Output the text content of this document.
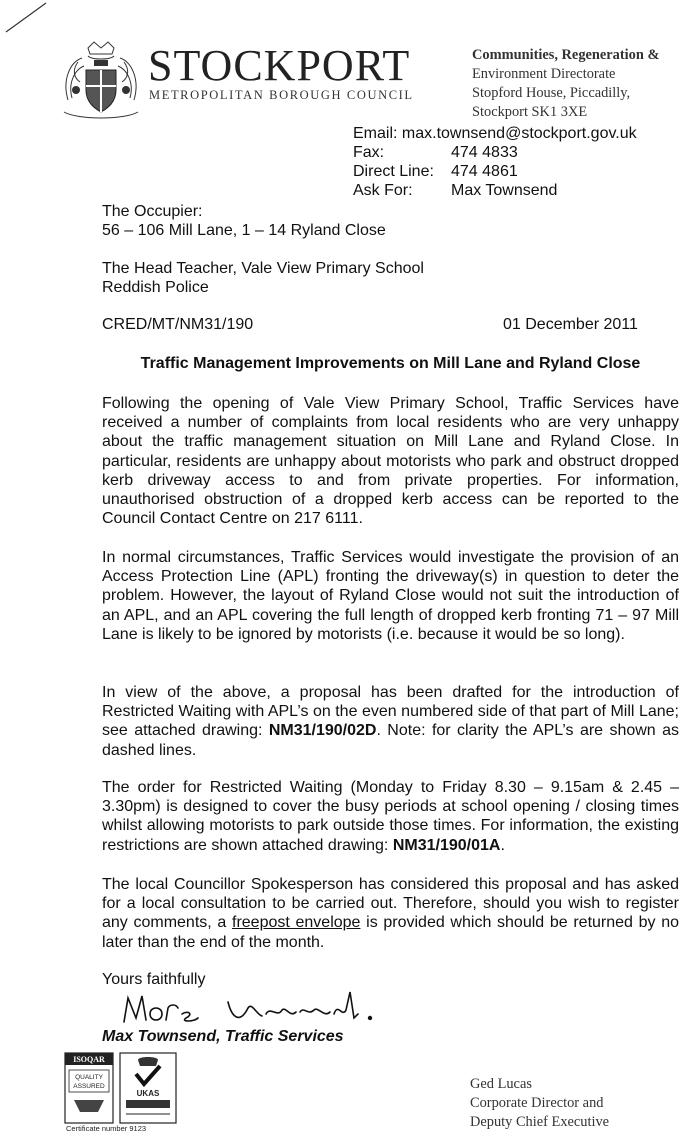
STOCKPORT
METROPOLITAN BOROUGH COUNCIL
Communities, Regeneration &
Environment Directorate
Stopford House, Piccadilly,
Stockport SK1 3XE
Email: max.townsend@stockport.gov.uk
Fax:	474 4833
Direct Line: 474 4861
Ask For: Max Townsend
The Occupier:
56 – 106 Mill Lane, 1 – 14 Ryland Close
The Head Teacher, Vale View Primary School
Reddish Police
CRED/MT/NM31/190	01 December 2011
Traffic Management Improvements on Mill Lane and Ryland Close
Following the opening of Vale View Primary School, Traffic Services have received a number of complaints from local residents who are very unhappy about the traffic management situation on Mill Lane and Ryland Close. In particular, residents are unhappy about motorists who park and obstruct dropped kerb driveway access to and from private properties. For information, unauthorised obstruction of a dropped kerb access can be reported to the Council Contact Centre on 217 6111.
In normal circumstances, Traffic Services would investigate the provision of an Access Protection Line (APL) fronting the driveway(s) in question to deter the problem. However, the layout of Ryland Close would not suit the introduction of an APL, and an APL covering the full length of dropped kerb fronting 71 – 97 Mill Lane is likely to be ignored by motorists (i.e. because it would be so long).
In view of the above, a proposal has been drafted for the introduction of Restricted Waiting with APL’s on the even numbered side of that part of Mill Lane; see attached drawing: NM31/190/02D. Note: for clarity the APL’s are shown as dashed lines.
The order for Restricted Waiting (Monday to Friday 8.30 – 9.15am & 2.45 – 3.30pm) is designed to cover the busy periods at school opening / closing times whilst allowing motorists to park outside those times. For information, the existing restrictions are shown attached drawing: NM31/190/01A.
The local Councillor Spokesperson has considered this proposal and has asked for a local consultation to be carried out. Therefore, should you wish to register any comments, a freepost envelope is provided which should be returned by no later than the end of the month.
Yours faithfully
Max Townsend, Traffic Services
ISOQAR
QUALITY
ASSURED
UKAS
Certificate number 9123
Ged Lucas
Corporate Director and
Deputy Chief Executive
